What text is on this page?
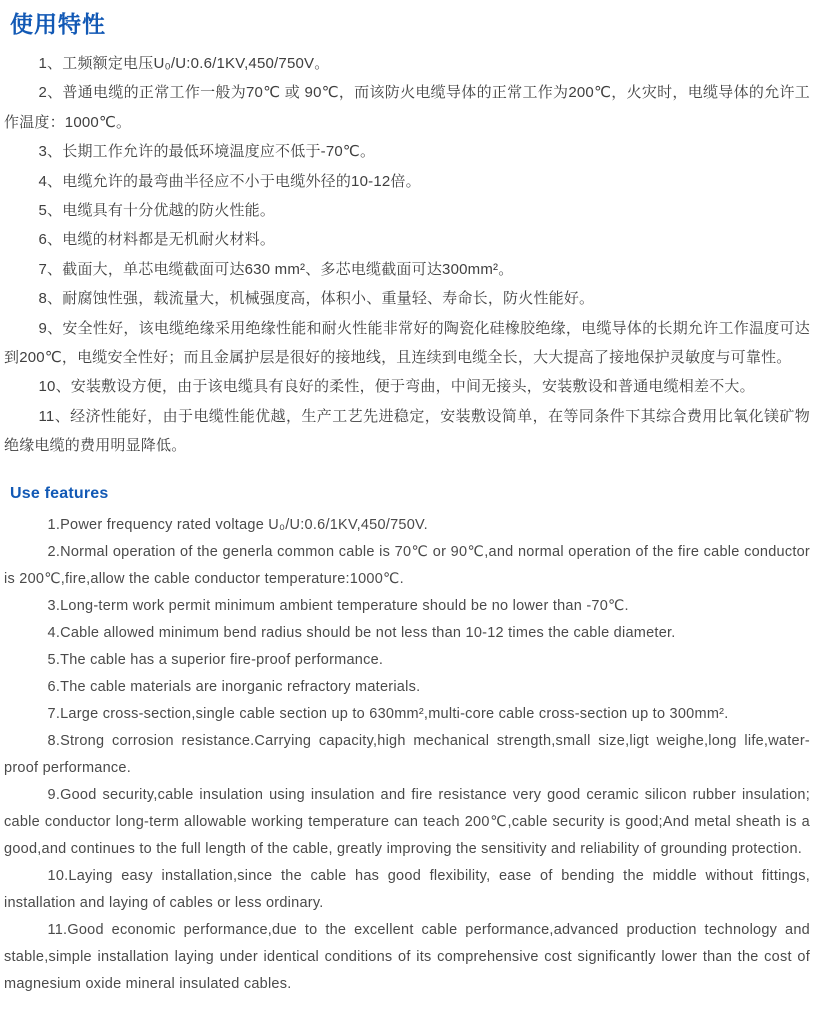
使用特性

1、工频额定电压U₀/U:0.6/1KV,450/750V。

2、普通电缆的正常工作一般为70℃ 或 90℃，而该防火电缆导体的正常工作为200℃，火灾时，电缆导体的允许工作温度：1000℃。

3、长期工作允许的最低环境温度应不低于-70℃。

4、电缆允许的最弯曲半径应不小于电缆外径的10-12倍。

5、电缆具有十分优越的防火性能。

6、电缆的材料都是无机耐火材料。

7、截面大，单芯电缆截面可达630 mm²、多芯电缆截面可达300mm²。

8、耐腐蚀性强，载流量大，机械强度高，体积小、重量轻、寿命长，防火性能好。

9、安全性好，该电缆绝缘采用绝缘性能和耐火性能非常好的陶瓷化硅橡胶绝缘，电缆导体的长期允许工作温度可达到200℃，电缆安全性好；而且金属护层是很好的接地线，且连续到电缆全长，大大提高了接地保护灵敏度与可靠性。

10、安装敷设方便，由于该电缆具有良好的柔性，便于弯曲，中间无接头，安装敷设和普通电缆相差不大。

11、经济性能好，由于电缆性能优越，生产工艺先进稳定，安装敷设简单，在等同条件下其综合费用比氧化镁矿物绝缘电缆的费用明显降低。

Use features

1.Power frequency rated voltage U₀/U:0.6/1KV,450/750V.

2.Normal operation of the generla common cable is 70℃ or 90℃,and normal operation of the fire cable conductor is 200℃,fire,allow the cable conductor temperature:1000℃.

3.Long-term work permit minimum ambient temperature should be no lower than -70℃.

4.Cable allowed minimum bend radius should be not less than 10-12 times the cable diameter.

5.The cable has a superior fire-proof performance.

6.The cable materials are inorganic refractory materials.

7.Large cross-section,single cable section up to 630mm²,multi-core cable cross-section up to 300mm².

8.Strong corrosion resistance.Carrying capacity,high mechanical strength,small size,ligt weighe,long life,water-proof performance.

9.Good security,cable insulation using insulation and fire resistance very good ceramic silicon rubber insulation; cable conductor long-term allowable working temperature can teach 200℃,cable security is good;And metal sheath is a good,and continues to the full length of the cable, greatly improving the sensitivity and reliability of grounding protection.

10.Laying easy installation,since the cable has good flexibility, ease of bending the middle without fittings, installation and laying of cables or less ordinary.

11.Good economic performance,due to the excellent cable performance,advanced production technology and stable,simple installation laying under identical conditions of its comprehensive cost significantly lower than the cost of magnesium oxide mineral insulated cables.
